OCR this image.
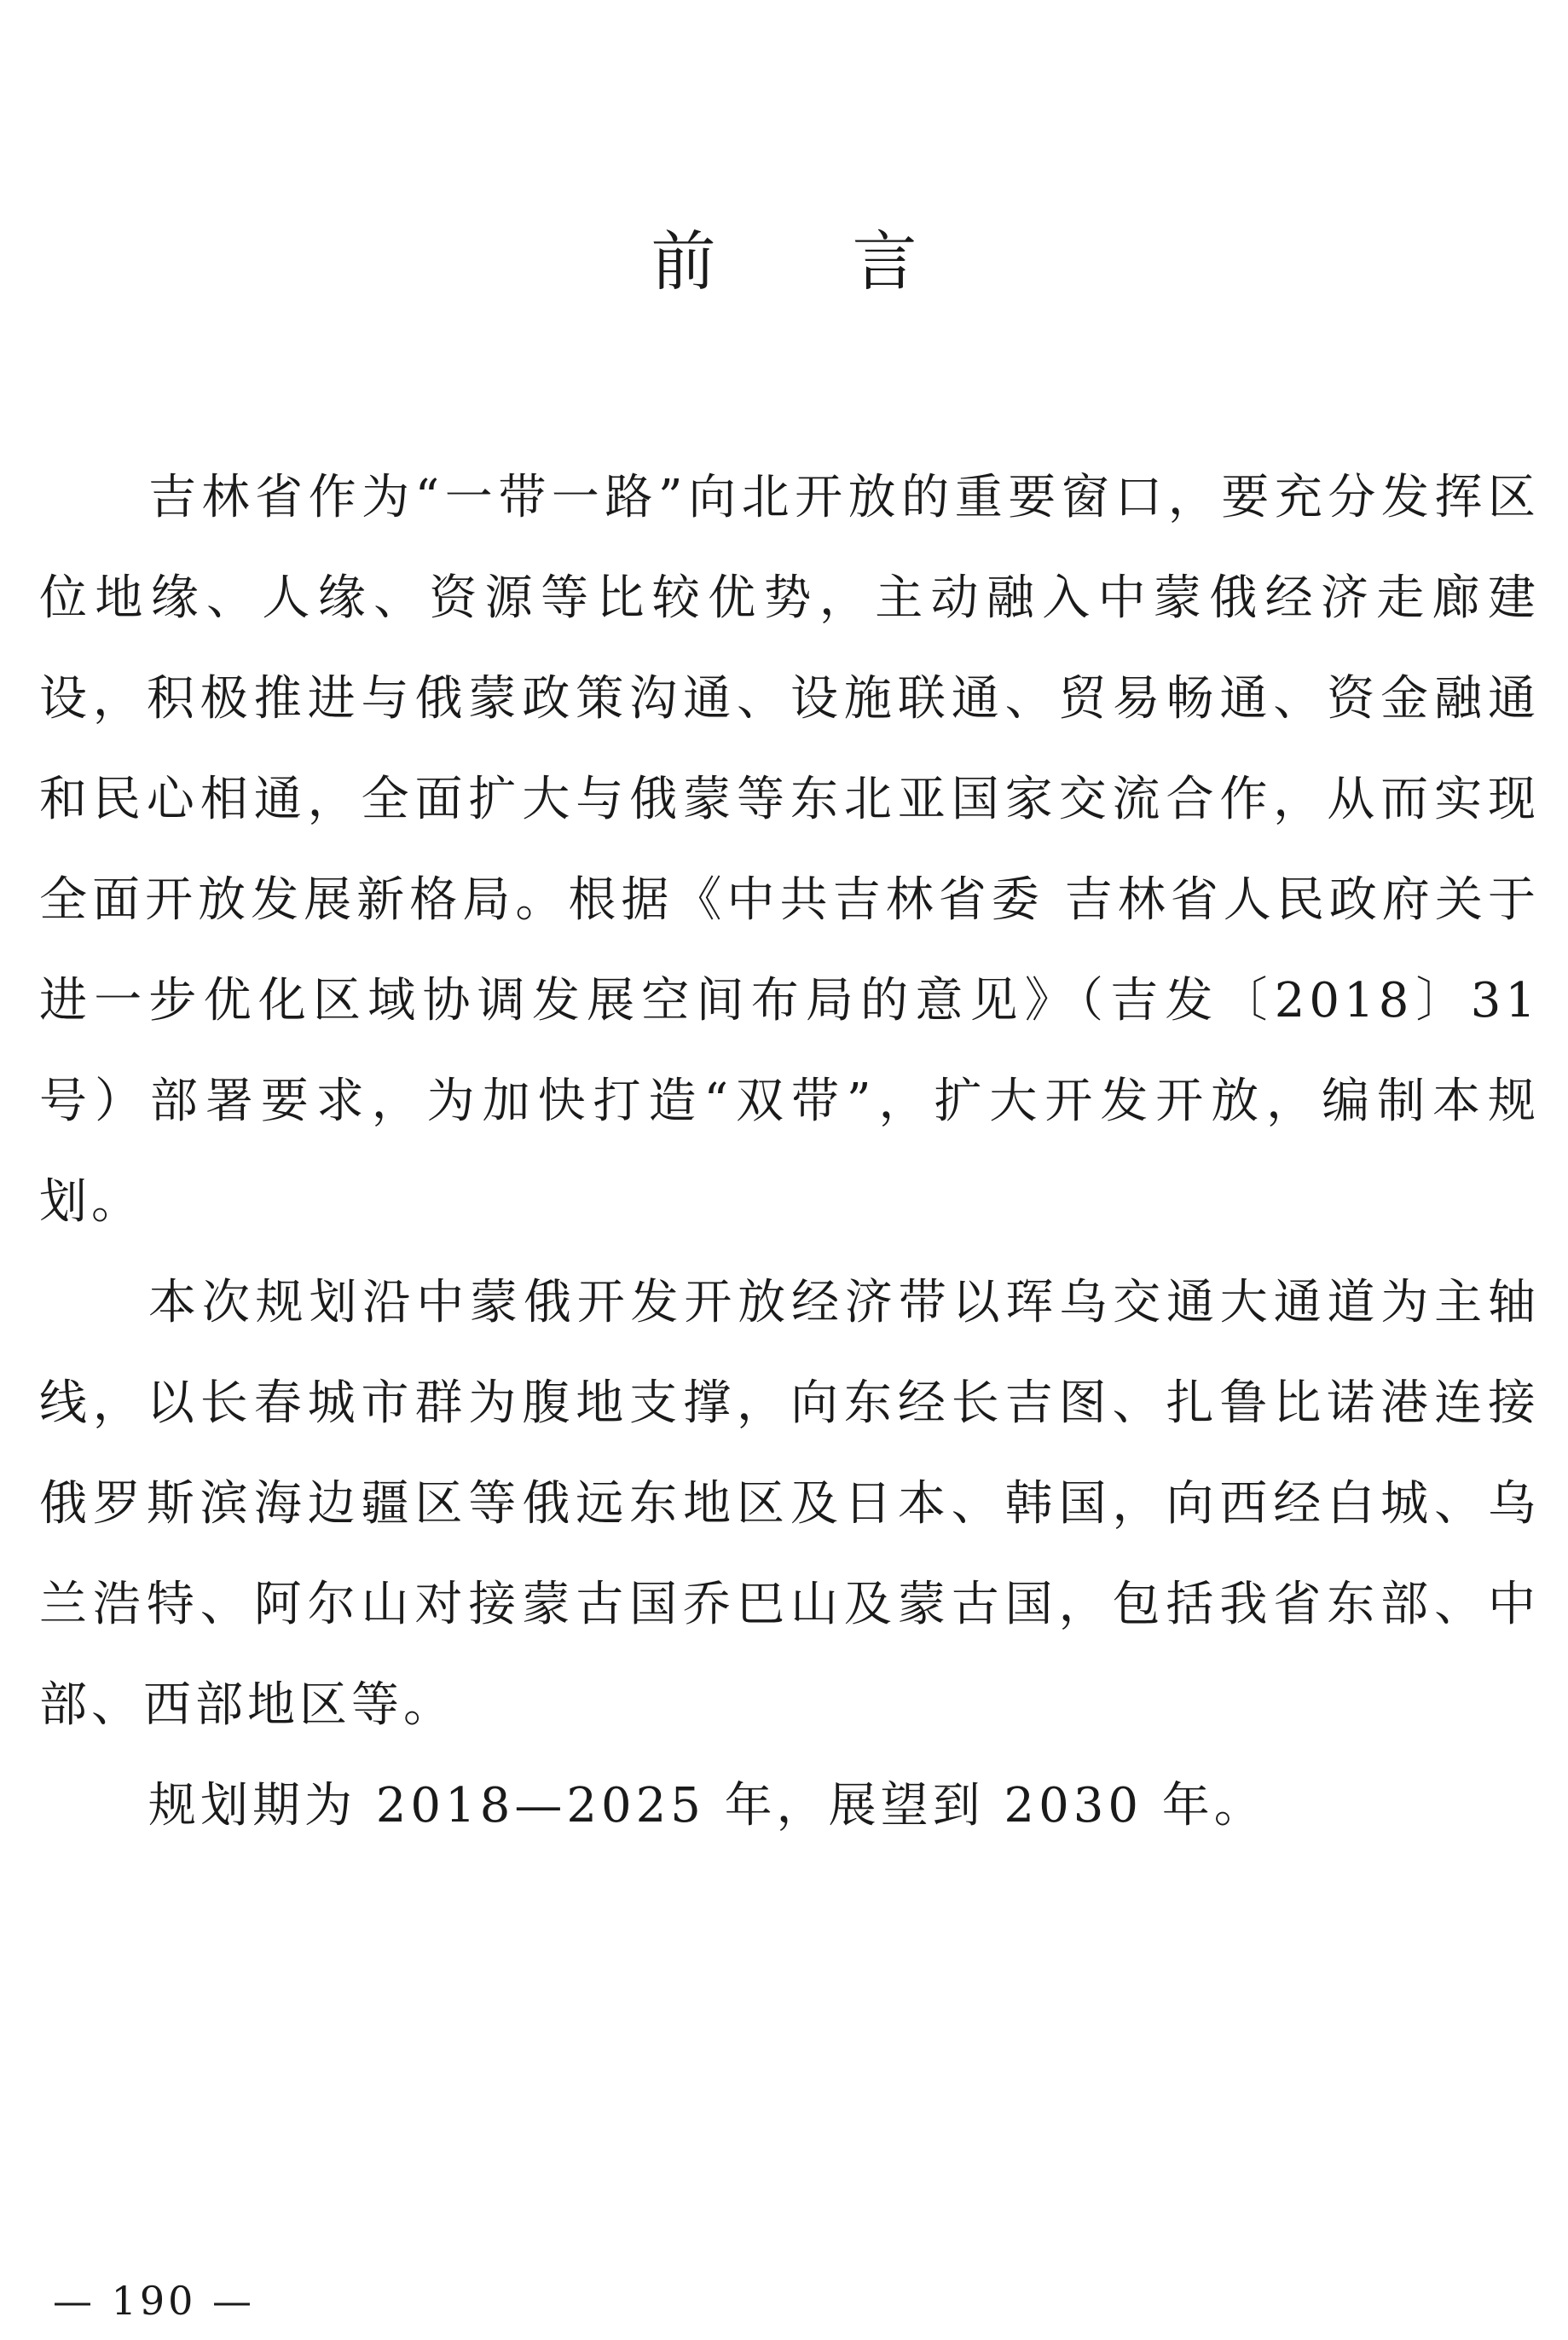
前言

吉林省作为“一带一路”向北开放的重要窗口，要充分发挥区位地缘、人缘、资源等比较优势，主动融入中蒙俄经济走廊建设，积极推进与俄蒙政策沟通、设施联通、贸易畅通、资金融通和民心相通，全面扩大与俄蒙等东北亚国家交流合作，从而实现全面开放发展新格局。根据《中共吉林省委 吉林省人民政府关于进一步优化区域协调发展空间布局的意见》（吉发〔2018〕31号）部署要求，为加快打造“双带”，扩大开发开放，编制本规划。

本次规划沿中蒙俄开发开放经济带以珲乌交通大通道为主轴线，以长春城市群为腹地支撑，向东经长吉图、扎鲁比诺港连接俄罗斯滨海边疆区等俄远东地区及日本、韩国，向西经白城、乌兰浩特、阿尔山对接蒙古国乔巴山及蒙古国，包括我省东部、中部、西部地区等。

规划期为 2018—2025 年，展望到 2030 年。

— 190 —
